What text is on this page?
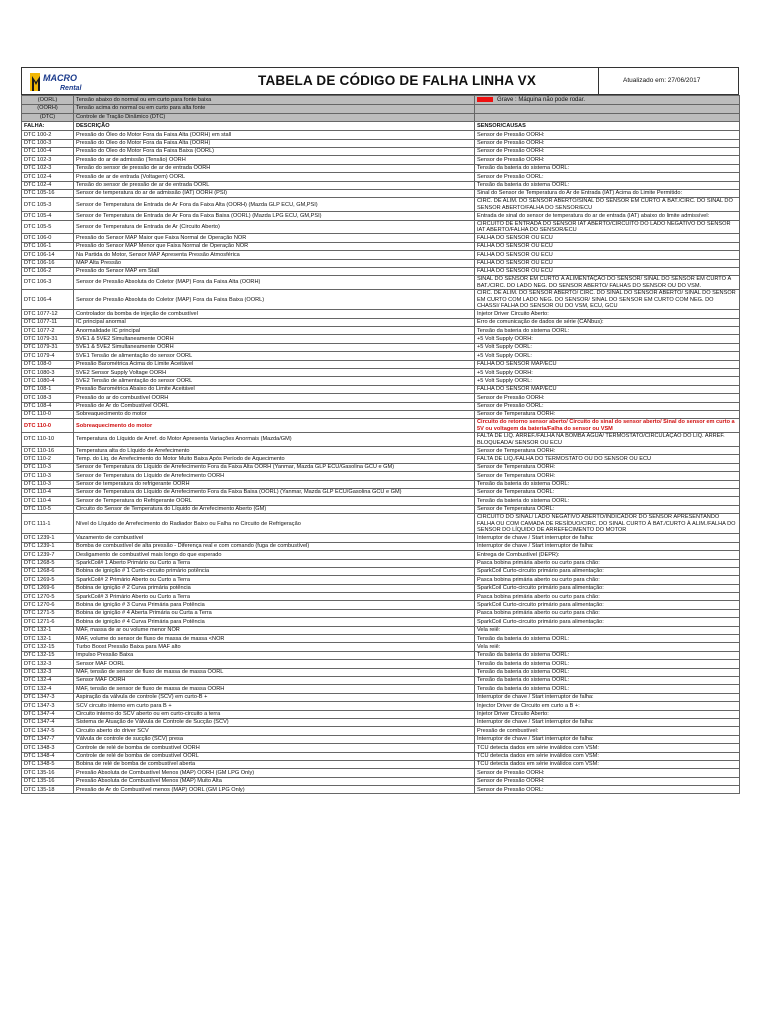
MACRO
Rental
TABELA DE CÓDIGO DE FALHA LINHA VX	Atualizado em: 27/06/2017
(OORL)	Tensão abaixo do normal ou em curto para fonte baixa	Grave : Máquina não pode rodar.
(OORH)	Tensão acima do normal ou em curto para alta fonte	
(DTC)	Controle de Tração Dinâmico (DTC)	
FALHA:	DESCRIÇÃO	SENSOR/CAUSAS
DTC 100-2	Pressão do Óleo do Motor Fora da Faixa Alta (OORH) em stall	Sensor de Pressão OORH:
DTC 100-3	Pressão do Óleo do Motor Fora da Faixa Alta (OORH)	Sensor de Pressão OORH:
DTC 100-4	Pressão do Óleo do Motor Fora da Faixa Baixa (OORL)	Sensor de Pressão OORH:
DTC 102-3	Pressão do ar de admissão (Tensão) OORH	Sensor de Pressão OORH:
DTC 102-3	Tensão do sensor de pressão de ar de entrada OORH	Tensão da bateria do sistema OORL:
DTC 102-4	Pressão de ar de entrada (Voltagem) OORL	Sensor de Pressão OORL:
DTC 102-4	Tensão do sensor de pressão de ar de entrada OORL	Tensão da bateria do sistema OORL:
DTC 105-16	Sensor de temperatura do ar de admissão (IAT) OORH (PSI)	Sinal do Sensor de Temperatura do Ar de Entrada (IAT) Acima do Limite Permitido:
DTC 105-3	Sensor de Temperatura de Entrada de Ar Fora da Faixa Alta (OORH) (Mazda GLP ECU, GM,PSI)	CIRC. DE ALIM. DO SENSOR ABERTO/SINAL DO SENSOR EM CURTO À BAT./CIRC. DO SINAL DO SENSOR ABERTO/FALHA DO SENSOR/ECU
DTC 105-4	Sensor de Temperatura de Entrada de Ar Fora da Faixa Baixa (OORL) (Mazda LPG ECU, GM,PSI)	Entrada de sinal do sensor de temperatura do ar de entrada (IAT) abaixo do limite admissível:
DTC 105-5	Sensor de Temperatura de Entrada de Ar (Circuito Aberto)	CIRCUITO DE ENTRADA DO SENSOR IAT ABERTO/CIRCUITO DO LADO NEGATIVO DO SENSOR IAT ABERTO/FALHA DO SENSOR/ECU
DTC 106-0	Pressão do Sensor MAP Maior que Faixa Normal de Operação NOR	FALHA DO SENSOR OU ECU
DTC 106-1	Pressão do Sensor MAP Menor que Faixa Normal de Operação NOR	FALHA DO SENSOR OU ECU
DTC 106-14	Na Partida do Motor, Sensor MAP Apresenta Pressão Atmosférica	FALHA DO SENSOR OU ECU
DTC 106-16	MAP Alta Pressão	FALHA DO SENSOR OU ECU
DTC 106-2	Pressão do Sensor MAP em Stall	FALHA DO SENSOR OU ECU
DTC 106-3	Sensor de Pressão Absoluta do Coletor (MAP) Fora da Faixa Alta (OORH)	SINAL DO SENSOR EM CURTO À ALIMENTAÇÃO DO SENSOR/ SINAL DO SENSOR EM CURTO À BAT./CIRC. DO LADO NEG. DO SENSOR ABERTO/ FALHAS DO SENSOR OU DO VSM.
DTC 106-4	Sensor de Pressão Absoluta do Coletor (MAP) Fora da Faixa Baixa (OORL)	CIRC. DE ALIM. DO SENSOR ABERTO/ CIRC. DO SINAL DO SENSOR ABERTO/ SINAL DO SENSOR EM CURTO COM LADO NEG. DO SENSOR/ SINAL DO SENSOR EM CURTO COM NEG. DO CHASSI/ FALHA DO SENSOR OU DO VSM, ECU, GCU
DTC 1077-12	Controlador da bomba de injeção de combustível	Injetor Driver Circuito Aberto:
DTC 1077-11	IC principal anormal	Erro de comunicação de dados de série (CANbus):
DTC 1077-2	Anormalidade IC principal	Tensão da bateria do sistema OORL:
DTC 1079-31	5VE1 & 5VE2 Simultaneamente OORH	+5 Volt Supply OORH:
DTC 1079-31	5VE1 & 5VE2 Simultaneamente OORH	+5 Volt Supply OORL:
DTC 1079-4	5VE1 Tensão de alimentação do sensor OORL	+5 Volt Supply OORL:
DTC 108-0	Pressão Barométrica Acima do Limite Aceitável	FALHA DO SENSOR MAP/ECU
DTC 1080-3	5VE2 Sensor Supply Voltage OORH	+5 Volt Supply OORH:
DTC 1080-4	5VE2 Tensão de alimentação do sensor OORL	+5 Volt Supply OORL:
DTC 108-1	Pressão Barométrica Abaixo do Limite Aceitável	FALHA DO SENSOR MAP/ECU
DTC 108-3	Pressão do ar do combustível OORH	Sensor de Pressão OORH:
DTC 108-4	Pressão de Ar do Combustível OORL	Sensor de Pressão OORL:
DTC 110-0	Sobreaquecimento do motor	Sensor de Temperatura OORH:
DTC 110-0	Sobreaquecimento do motor	Circuito do retorno sensor aberto/ Circuito do sinal do sensor aberto/ Sinal do sensor em curto a 5V ou voltagem da bateria/Falha do sensor ou VSM
DTC 110-10	Temperatura do Líquido de Arref. do Motor Apresenta Variações Anormais (Mazda/GM)	FALTA DE LIQ. ARREF./FALHA NA BOMBA ÁGUA/ TERMOSTATO/CIRCULAÇÃO DO LIQ. ARREF. BLOQUEADA/ SENSOR OU ECU
DTC 110-16	Temperatura alta do Líquido de Arrefecimento	Sensor de Temperatura OORH:
DTC 110-2	Temp. do Liq. de Arrefecimento do Motor Muito Baixa Após Período de Aquecimento	FALTA DE LIQ./FALHA DO TERMOSTATO OU DO SENSOR OU ECU
DTC 110-3	Sensor de Temperatura do Líquido de Arrefecimento Fora da Faixa Alta OORH (Yanmar, Mazda GLP ECU/Gasolina GCU e GM)	Sensor de Temperatura OORH:
DTC 110-3	Sensor de Temperatura do Líquido de Arrefecimento OORH	Sensor de Temperatura OORH:
DTC 110-3	Sensor de temperatura do refrigerante OORH	Tensão da bateria do sistema OORL:
DTC 110-4	Sensor de Temperatura do Líquido de Arrefecimento Fora da Faixa Baixa (OORL) (Yanmar, Mazda GLP ECU/Gasolina GCU e GM)	Sensor de Temperatura OORL:
DTC 110-4	Sensor de Temperatura do Refrigerante OORL	Tensão da bateria do sistema OORL:
DTC 110-5	Circuito do Sensor de Temperatura do Líquido de Arrefecimento Aberto (GM)	Sensor de Temperatura OORL:
DTC 111-1	Nível do Líquido de Arrefecimento do Radiador Baixo ou Falha no Circuito de Refrigeração	CIRCUITO DO SINAL/ LADO NEGATIVO ABERTO/INDICADOR DO SENSOR APRESENTANDO FALHA OU COM CAMADA DE RESÍDUO/CIRC. DO SINAL CURTO À BAT./CURTO À ALIM./FALHA DO SENSOR DO LÍQUIDO DE ARREFECIMENTO DO MOTOR
DTC 1239-1	Vazamento de combustível	Interruptor de chave / Start interruptor de falha:
DTC 1239-1	Bomba de combustível de alta pressão - Diferença real e com comando (fuga de combustível)	Interruptor de chave / Start interruptor de falha:
DTC 1239-7	Desligamento de combustível mais longo do que esperado	Entrega de Combustível (DEPR):
DTC 1268-5	SparkCoil# 1 Aberto Primário ou Curto a Terra	Pasca bobina primária aberto ou curto para chão:
DTC 1268-6	Bobina de ignição # 1 Curto-circuito primário potência	SparkCoil Curto-circuito primário para alimentação:
DTC 1269-5	SparkCoil# 2 Primário Aberto ou Curto a Terra	Pasca bobina primária aberto ou curto para chão:
DTC 1269-6	Bobina de ignição # 2 Curva primária potência	SparkCoil Curto-circuito primário para alimentação:
DTC 1270-5	SparkCoil# 3 Primário Aberto ou Curto a Terra	Pasca bobina primária aberto ou curto para chão:
DTC 1270-6	Bobina de ignição # 3 Curva Primária para Potência	SparkCoil Curto-circuito primário para alimentação:
DTC 1271-5	Bobina de ignição # 4 Aberta Primária ou Curta a Terra	Pasca bobina primária aberto ou curto para chão:
DTC 1271-6	Bobina de ignição # 4 Curva Primária para Potência	SparkCoil Curto-circuito primário para alimentação:
DTC 132-1	MAF, massa de ar ou volume menor NOR	Vela reiê:
DTC 132-1	MAF, volume do sensor de fluxo de massa de massa <NOR	Tensão da bateria do sistema OORL:
DTC 132-15	Turbo Boost Pressão Baixa para MAF alto	Vela reiê:
DTC 132-15	Impulso Pressão Baixa	Tensão da bateria do sistema OORL:
DTC 132-3	Sensor MAF OORL	Tensão da bateria do sistema OORL:
DTC 132-3	MAF, tensão de sensor de fluxo de massa de massa OORL	Tensão da bateria do sistema OORL:
DTC 132-4	Sensor MAF OORH	Tensão da bateria do sistema OORL:
DTC 132-4	MAF, tensão de sensor de fluxo de massa de massa OORH	Tensão da bateria do sistema OORL:
DTC 1347-3	Aspiração da válvula de controle (SCV) em curto-B +	Interruptor de chave / Start interruptor de falha:
DTC 1347-3	SCV circuito interno em curto para B +	Injector Driver de Circuito em curto a B +:
DTC 1347-4	Circuito interno do SCV aberto ou em curto-circuito a terra	Injetor Driver Circuito Aberto:
DTC 1347-4	Sistema de Atuação de Válvula de Controle de Sucção (SCV)	Interruptor de chave / Start interruptor de falha:
DTC 1347-5	Circuito aberto do driver SCV	Pressão de combustível:
DTC 1347-7	Válvula de controle de sucção (SCV) presa	Interruptor de chave / Start interruptor de falha:
DTC 1348-3	Controle de relé de bomba de combustível OORH	TCU detecta dados em série inválidos com VSM:
DTC 1348-4	Controle de relé de bomba de combustível OORL	TCU detecta dados em série inválidos com VSM:
DTC 1348-5	Bobina de relé de bomba de combustível aberta	TCU detecta dados em série inválidos com VSM:
DTC 135-16	Pressão Absoluta de Combustível Menos (MAP) OORH (GM LPG Only)	Sensor de Pressão OORH:
DTC 135-16	Pressão Absoluta de Combustível Menos (MAP) Muito Alta	Sensor de Pressão OORH:
DTC 135-18	Pressão de Ar do Combustível menos (MAP) OORL (GM LPG Only)	Sensor de Pressão OORL:
